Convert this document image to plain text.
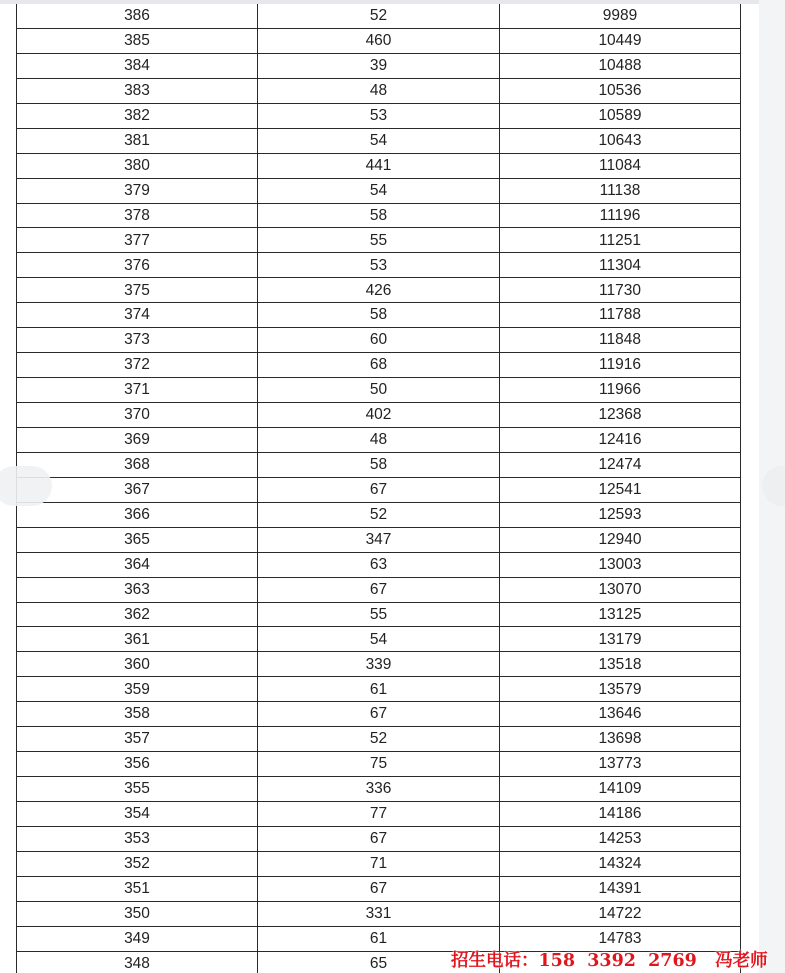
386	52	9989
385	460	10449
384	39	10488
383	48	10536
382	53	10589
381	54	10643
380	441	11084
379	54	11138
378	58	11196
377	55	11251
376	53	11304
375	426	11730
374	58	11788
373	60	11848
372	68	11916
371	50	11966
370	402	12368
369	48	12416
368	58	12474
367	67	12541
366	52	12593
365	347	12940
364	63	13003
363	67	13070
362	55	13125
361	54	13179
360	339	13518
359	61	13579
358	67	13646
357	52	13698
356	75	13773
355	336	14109
354	77	14186
353	67	14253
352	71	14324
351	67	14391
350	331	14722
349	61	14783
348	65		招生电话：158  3392  2769   冯老师
